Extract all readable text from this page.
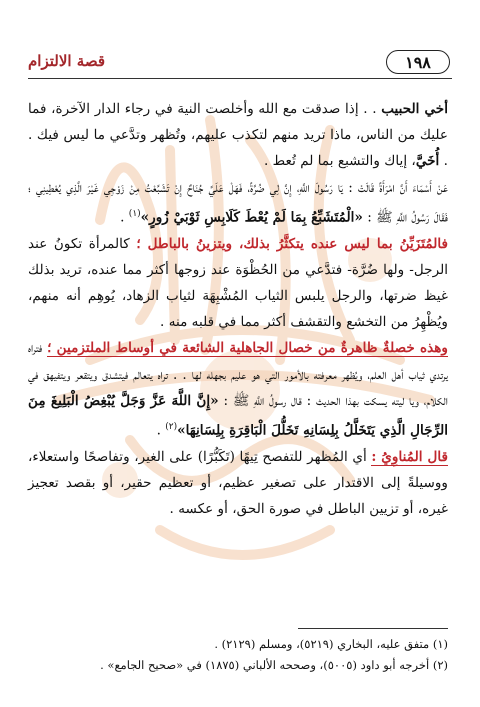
قصة الالتزام	١٩٨

أخي الحبيب . . إذا صدقت مع الله وأخلصت النية في رجاء الدار الآخرة، فما عليك من الناس، ماذا تريد منهم لتكذب عليهم، وتُظهر وتدَّعي ما ليس فيك . . أُخَيَّ، إياك والتشبع بما لم تُعط .

عَنْ أَسْمَاءَ أَنَّ امْرَأَةً قَالَتْ : يَا رَسُولَ اللَّهِ، إِنَّ لِي ضُرَّةً، فَهَلْ عَلَيَّ جُنَاحٌ إِنْ تَشَبَّعْتُ مِنْ زَوْجِي غَيْرَ الَّذِي يُعْطِينِي ؛ فَقَالَ رَسُولُ اللَّهِ ﷺ : «الْمُتَشَبِّعُ بِمَا لَمْ يُعْطَ كَلَابِسِ ثَوْبَيْ زُورٍ»$^{(١)}$ .

فالمُتَزَيِّنُ بما ليس عنده يتكثَّرُ بذلك، ويتزينُ بالباطل ؛ كالمرأة تكونُ عند الرجل- ولها ضُرَّة- فتدَّعي من الحُظْوَة عند زوجها أكثر مما عنده، تريد بذلك غيظ ضرتها، والرجل يلبس الثياب المُشْبِهَة لثياب الزهاد، يُوهِم أنه منهم، ويُظْهِرُ من التخشع والتقشف أكثر مما في قلبه منه .

وهذه خصلةٌ ظاهرةٌ من خصال الجاهلية الشائعة في أوساط الملتزمين ؛ فتراه يرتدي ثياب أهل العلم، ويُظهر معرفته بالأمور التي هو عليم بجهله لها . . تراه يتعالم فيتشدق ويتقعر ويتفيهق في الكلام، ويا ليته يسكت بهذا الحديث : قال رسولُ اللَّهِ ﷺ : «إِنَّ اللَّهَ عَزَّ وَجَلَّ يُبْغِضُ الْبَلِيغَ مِنَ الرِّجَالِ الَّذِي يَتَخَلَّلُ بِلِسَانِهِ تَخَلُّلَ الْبَاقِرَةِ بِلِسَانِهَا»$^{(٢)}$ .

قال المُناوِيُ : أي المُظهر للتفصح تِيهًا (تَكَبُّرًا) على الغير، وتفاصحًا واستعلاء، ووسيلةً إلى الاقتدار على تصغير عظيم، أو تعظيم حقير، أو بقصد تعجيز غيره، أو تزيين الباطل في صورة الحق، أو عكسه .

(١) متفق عليه، البخاري (٥٢١٩)، ومسلم (٢١٢٩) .

(٢) أخرجه أبو داود (٥٠٠٥)، وصححه الألباني (١٨٧٥) في «صحيح الجامع» .
